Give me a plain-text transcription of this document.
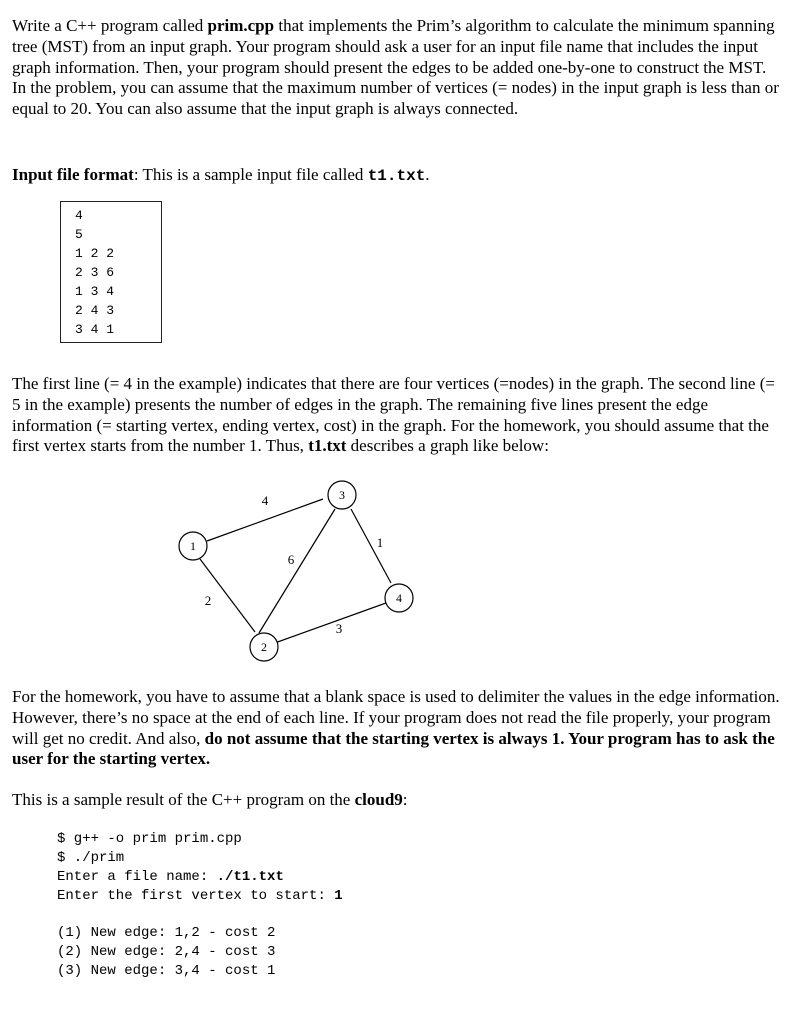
Write a C++ program called prim.cpp that implements the Prim’s algorithm to calculate the minimum spanning tree (MST) from an input graph. Your program should ask a user for an input file name that includes the input graph information. Then, your program should present the edges to be added one-by-one to construct the MST. In the problem, you can assume that the maximum number of vertices (= nodes) in the input graph is less than or equal to 20. You can also assume that the input graph is always connected.

Input file format: This is a sample input file called t1.txt.

4
5
1 2 2
2 3 6
1 3 4
2 4 3
3 4 1

The first line (= 4 in the example) indicates that there are four vertices (=nodes) in the graph. The second line (= 5 in the example) presents the number of edges in the graph. The remaining five lines present the edge information (= starting vertex, ending vertex, cost) in the graph. For the homework, you should assume that the first vertex starts from the number 1. Thus, t1.txt describes a graph like below:

1
2
3
4
4
6
1
2
3

For the homework, you have to assume that a blank space is used to delimiter the values in the edge information. However, there’s no space at the end of each line. If your program does not read the file properly, your program will get no credit. And also, do not assume that the starting vertex is always 1. Your program has to ask the user for the starting vertex.

This is a sample result of the C++ program on the cloud9:

$ g++ -o prim prim.cpp
$ ./prim
Enter a file name: ./t1.txt
Enter the first vertex to start: 1
(1) New edge: 1,2 - cost 2
(2) New edge: 2,4 - cost 3
(3) New edge: 3,4 - cost 1
